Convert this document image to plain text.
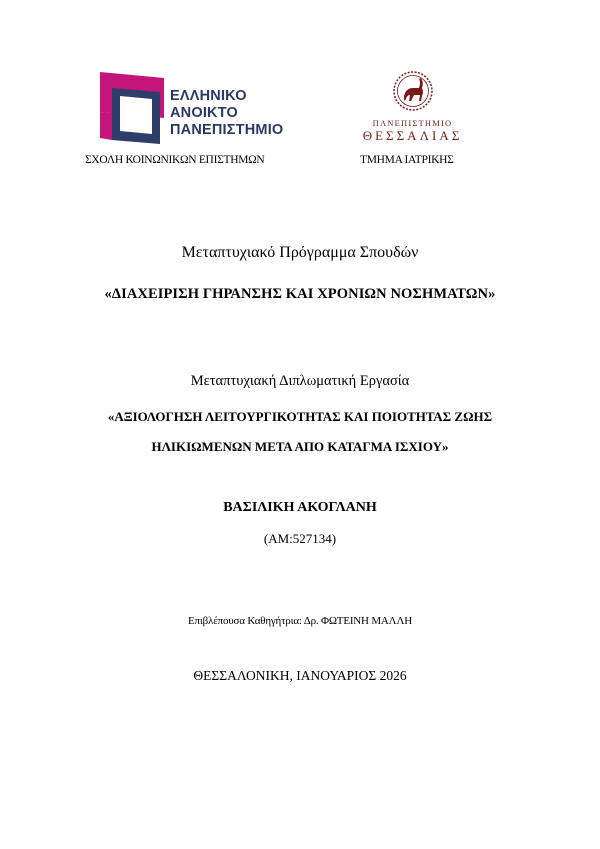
ΕΛΛΗΝΙΚΟ
ΑΝΟΙΚΤΟ
ΠΑΝΕΠΙΣΤΗΜΙΟ	ΠΑΝΕΠΙΣΤΗΜΙΟ
ΘΕΣΣΑΛΙΑΣ
ΣΧΟΛΗ ΚΟΙΝΩΝΙΚΩΝ ΕΠΙΣΤΗΜΩΝ	ΤΜΗΜΑ ΙΑΤΡΙΚΗΣ
Μεταπτυχιακό Πρόγραμμα Σπουδών
«ΔΙΑΧΕΙΡΙΣΗ ΓΗΡΑΝΣΗΣ ΚΑΙ ΧΡΟΝΙΩΝ ΝΟΣΗΜΑΤΩΝ»
Μεταπτυχιακή Διπλωματική Εργασία
«ΑΞΙΟΛΟΓΗΣΗ ΛΕΙΤΟΥΡΓΙΚΟΤΗΤΑΣ ΚΑΙ ΠΟΙΟΤΗΤΑΣ ΖΩΗΣ
ΗΛΙΚΙΩΜΕΝΩΝ ΜΕΤΑ ΑΠΟ ΚΑΤΑΓΜΑ ΙΣΧΙΟΥ»
ΒΑΣΙΛΙΚΗ ΑΚΟΓΛΑΝΗ
(ΑΜ:527134)
Επιβλέπουσα Καθηγήτρια: Δρ. ΦΩΤΕΙΝΗ ΜΑΛΛΗ
ΘΕΣΣΑΛΟΝΙΚΗ, ΙΑΝΟΥΑΡΙΟΣ 2026
